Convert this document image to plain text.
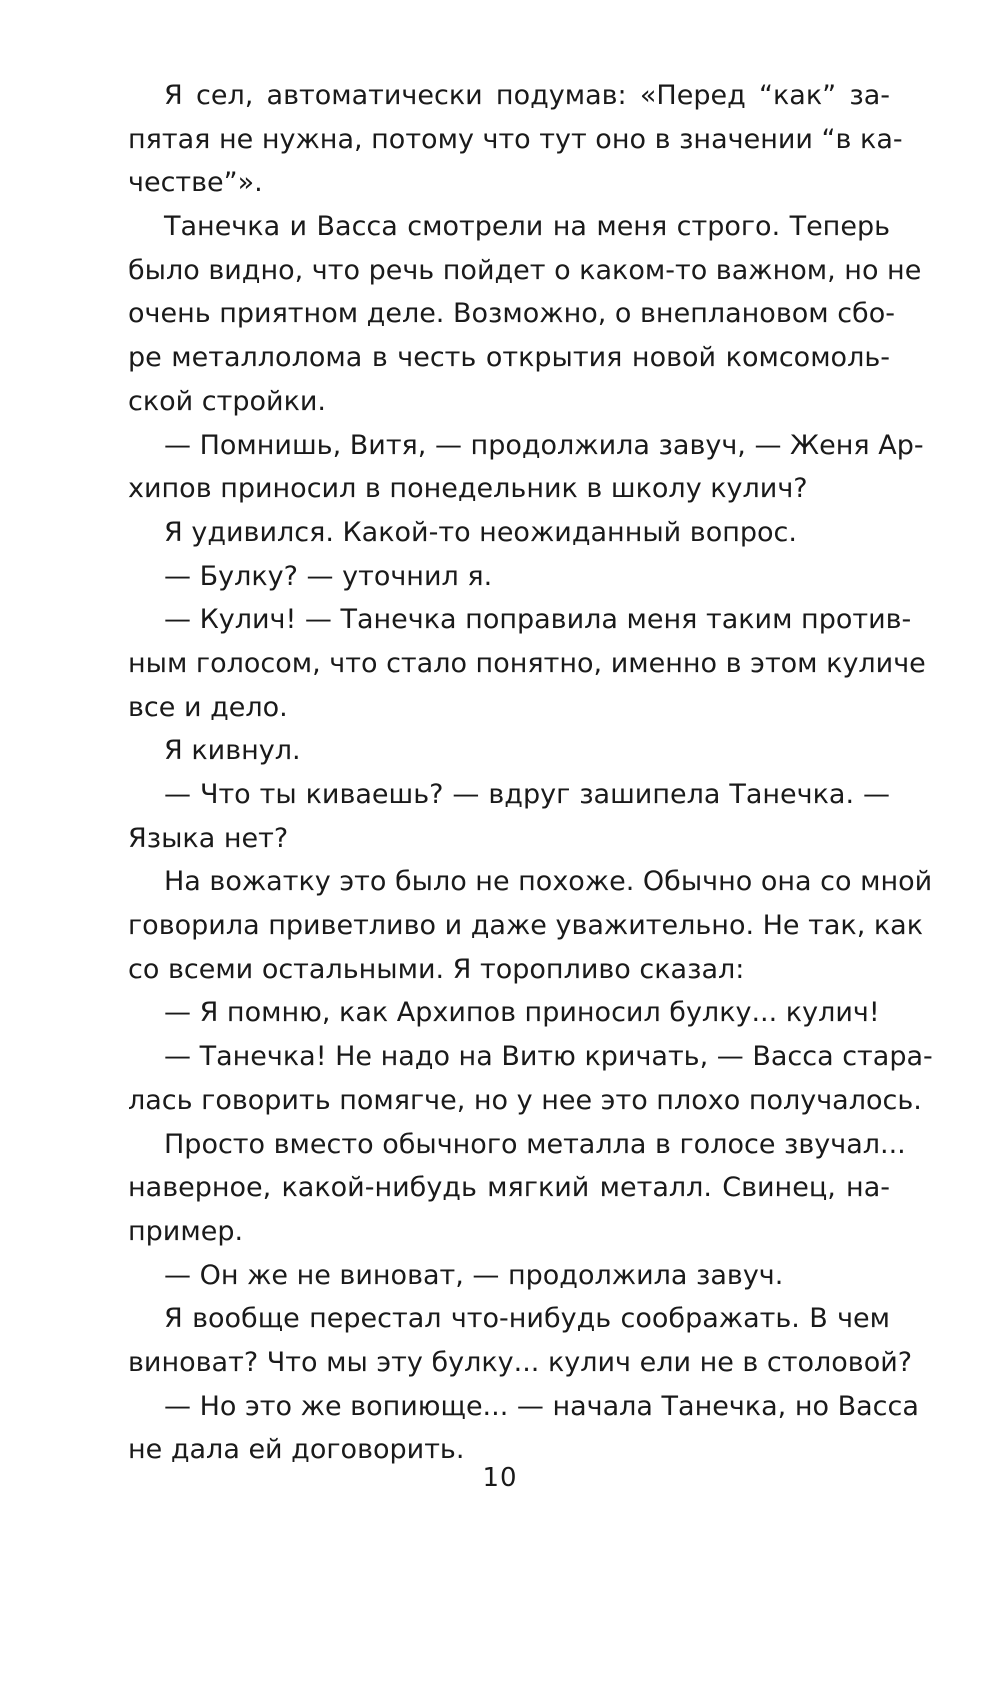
Я сел, автоматически подумав: «Перед “как” за-
пятая не нужна, потому что тут оно в значении “в ка-
честве”».
Танечка и Васса смотрели на меня строго. Теперь
было видно, что речь пойдет о каком-то важном, но не
очень приятном деле. Возможно, о внеплановом сбо-
ре металлолома в честь открытия новой комсомоль-
ской стройки.
— Помнишь, Витя, — продолжила завуч, — Женя Ар-
хипов приносил в понедельник в школу кулич?
Я удивился. Какой-то неожиданный вопрос.
— Булку? — уточнил я.
— Кулич! — Танечка поправила меня таким против-
ным голосом, что стало понятно, именно в этом куличе
все и дело.
Я кивнул.
— Что ты киваешь? — вдруг зашипела Танечка. —
Языка нет?
На вожатку это было не похоже. Обычно она со мной
говорила приветливо и даже уважительно. Не так, как
со всеми остальными. Я торопливо сказал:
— Я помню, как Архипов приносил булку... кулич!
— Танечка! Не надо на Витю кричать, — Васса стара-
лась говорить помягче, но у нее это плохо получалось.
Просто вместо обычного металла в голосе звучал...
наверное, какой-нибудь мягкий металл. Свинец, на-
пример.
— Он же не виноват, — продолжила завуч.
Я вообще перестал что-нибудь соображать. В чем
виноват? Что мы эту булку... кулич ели не в столовой?
— Но это же вопиюще... — начала Танечка, но Васса
не дала ей договорить.
10
